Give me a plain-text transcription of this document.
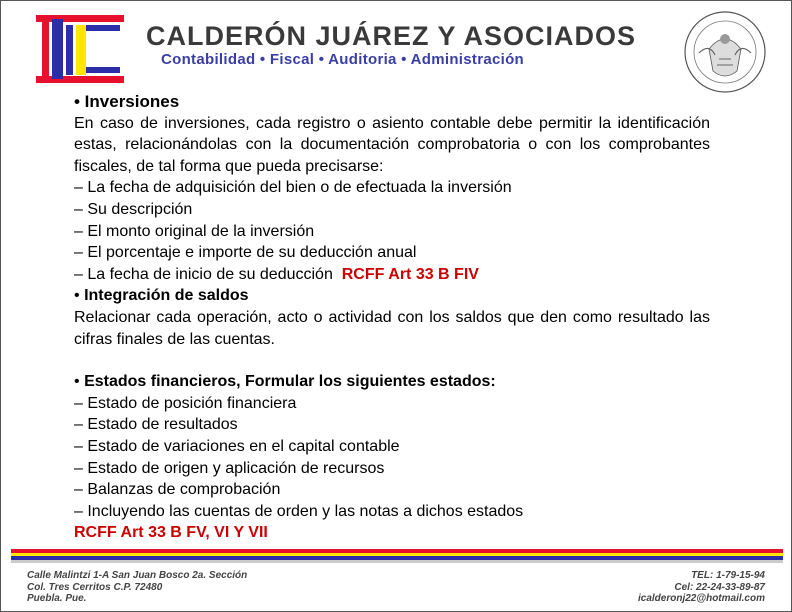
CALDERÓN JUÁREZ Y ASOCIADOS
Contabilidad • Fiscal • Auditoria • Administración

• Inversiones

En caso de inversiones, cada registro o asiento contable debe permitir la identificación estas, relacionándolas con la documentación comprobatoria o con los comprobantes fiscales, de tal forma que pueda precisarse:

– La fecha de adquisición del bien o de efectuada la inversión

– Su descripción

– El monto original de la inversión

– El porcentaje e importe de su deducción anual

– La fecha de inicio de su deducción RCFF Art 33 B FIV

• Integración de saldos

Relacionar cada operación, acto o actividad con los saldos que den como resultado las cifras finales de las cuentas.

• Estados financieros, Formular los siguientes estados:

– Estado de posición financiera

– Estado de resultados

– Estado de variaciones en el capital contable

– Estado de origen y aplicación de recursos

– Balanzas de comprobación

– Incluyendo las cuentas de orden y las notas a dichos estados

RCFF Art 33 B FV, VI Y VII

Calle Malintzi 1-A San Juan Bosco 2a. Sección
Col. Tres Cerritos C.P. 72480
Puebla. Pue.
TEL: 1-79-15-94
Cel: 22-24-33-89-87
icalderonj22@hotmail.com
